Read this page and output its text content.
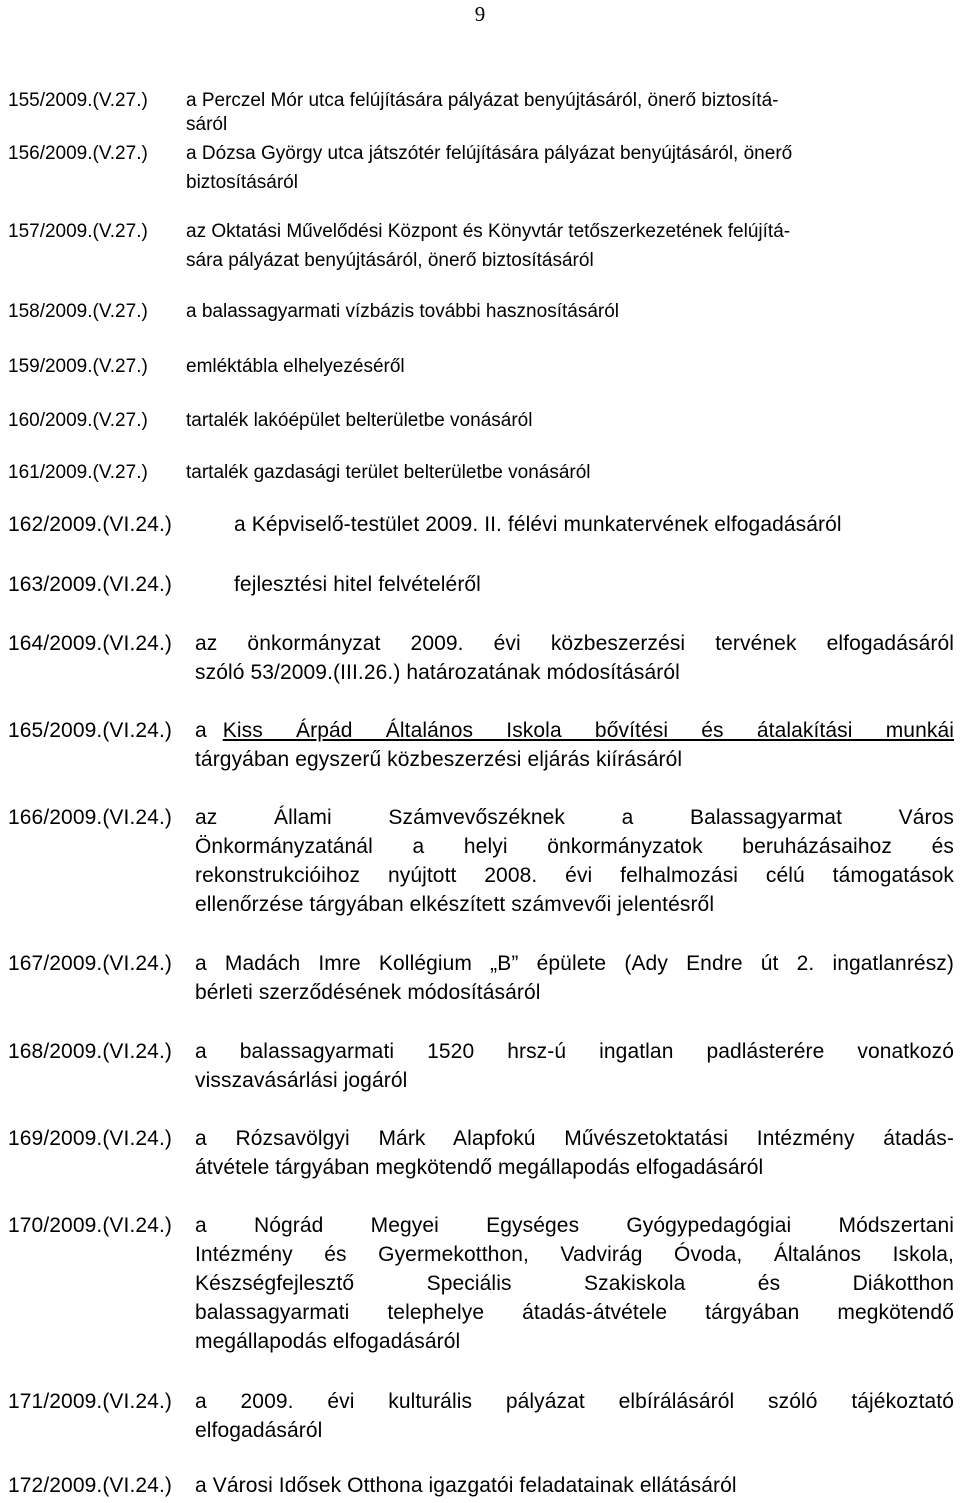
9
155/2009.(V.27.) a Perczel Mór utca felújítására pályázat benyújtásáról, önerő biztosítá-
sáról
156/2009.(V.27.) a Dózsa György utca játszótér felújítására pályázat benyújtásáról, önerő
biztosításáról
157/2009.(V.27.) az Oktatási Művelődési Központ és Könyvtár tetőszerkezetének felújítá-
sára pályázat benyújtásáról, önerő biztosításáról
158/2009.(V.27.) a balassagyarmati vízbázis további hasznosításáról
159/2009.(V.27.) emléktábla elhelyezéséről
160/2009.(V.27.) tartalék lakóépület belterületbe vonásáról
161/2009.(V.27.) tartalék gazdasági terület belterületbe vonásáról
162/2009.(VI.24.)	a Képviselő-testület 2009. II. félévi munkatervének elfogadásáról
163/2009.(VI.24.)	fejlesztési hitel felvételéről
164/2009.(VI.24.) az önkormányzat 2009. évi közbeszerzési tervének elfogadásáról
szóló 53/2009.(III.26.) határozatának módosításáról
165/2009.(VI.24.) a Kiss Árpád Általános Iskola bővítési és átalakítási munkái
tárgyában egyszerű közbeszerzési eljárás kiírásáról
166/2009.(VI.24.) az Állami Számvevőszéknek a Balassagyarmat Város
Önkormányzatánál a helyi önkormányzatok beruházásaihoz és
rekonstrukcióihoz nyújtott 2008. évi felhalmozási célú támogatások
ellenőrzése tárgyában elkészített számvevői jelentésről
167/2009.(VI.24.) a Madách Imre Kollégium „B” épülete (Ady Endre út 2. ingatlanrész)
bérleti szerződésének módosításáról
168/2009.(VI.24.) a balassagyarmati 1520 hrsz-ú ingatlan padlásterére vonatkozó
visszavásárlási jogáról
169/2009.(VI.24.) a Rózsavölgyi Márk Alapfokú Művészetoktatási Intézmény átadás-
átvétele tárgyában megkötendő megállapodás elfogadásáról
170/2009.(VI.24.) a Nógrád Megyei Egységes Gyógypedagógiai Módszertani
Intézmény és Gyermekotthon, Vadvirág Óvoda, Általános Iskola,
Készségfejlesztő Speciális Szakiskola és Diákotthon
balassagyarmati telephelye átadás-átvétele tárgyában megkötendő
megállapodás elfogadásáról
171/2009.(VI.24.) a 2009. évi kulturális pályázat elbírálásáról szóló tájékoztató
elfogadásáról
172/2009.(VI.24.) a Városi Idősek Otthona igazgatói feladatainak ellátásáról
